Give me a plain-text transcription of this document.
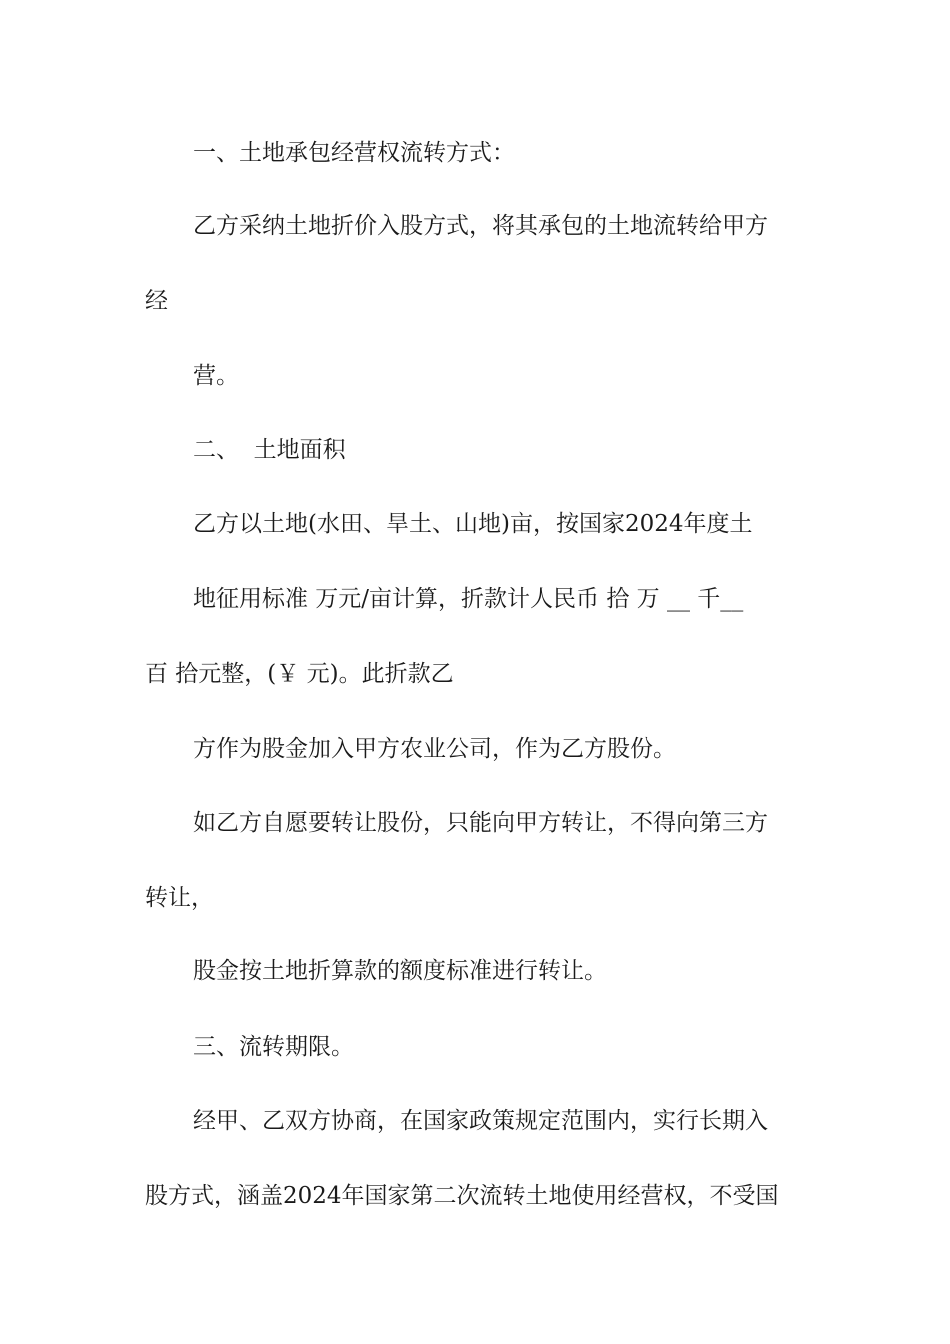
一、土地承包经营权流转方式：

乙方采纳土地折价入股方式，将其承包的土地流转给甲方

经

营。

二、  土地面积

乙方以土地(水田、旱土、山地)亩，按国家2024年度土

地征用标准 万元/亩计算，折款计人民币 拾 万 __ 千__

百 拾元整，(￥ 元)。此折款乙

方作为股金加入甲方农业公司，作为乙方股份。

如乙方自愿要转让股份，只能向甲方转让，不得向第三方

转让，

股金按土地折算款的额度标准进行转让。

三、流转期限。

经甲、乙双方协商，在国家政策规定范围内，实行长期入

股方式，涵盖2024年国家第二次流转土地使用经营权，不受国
